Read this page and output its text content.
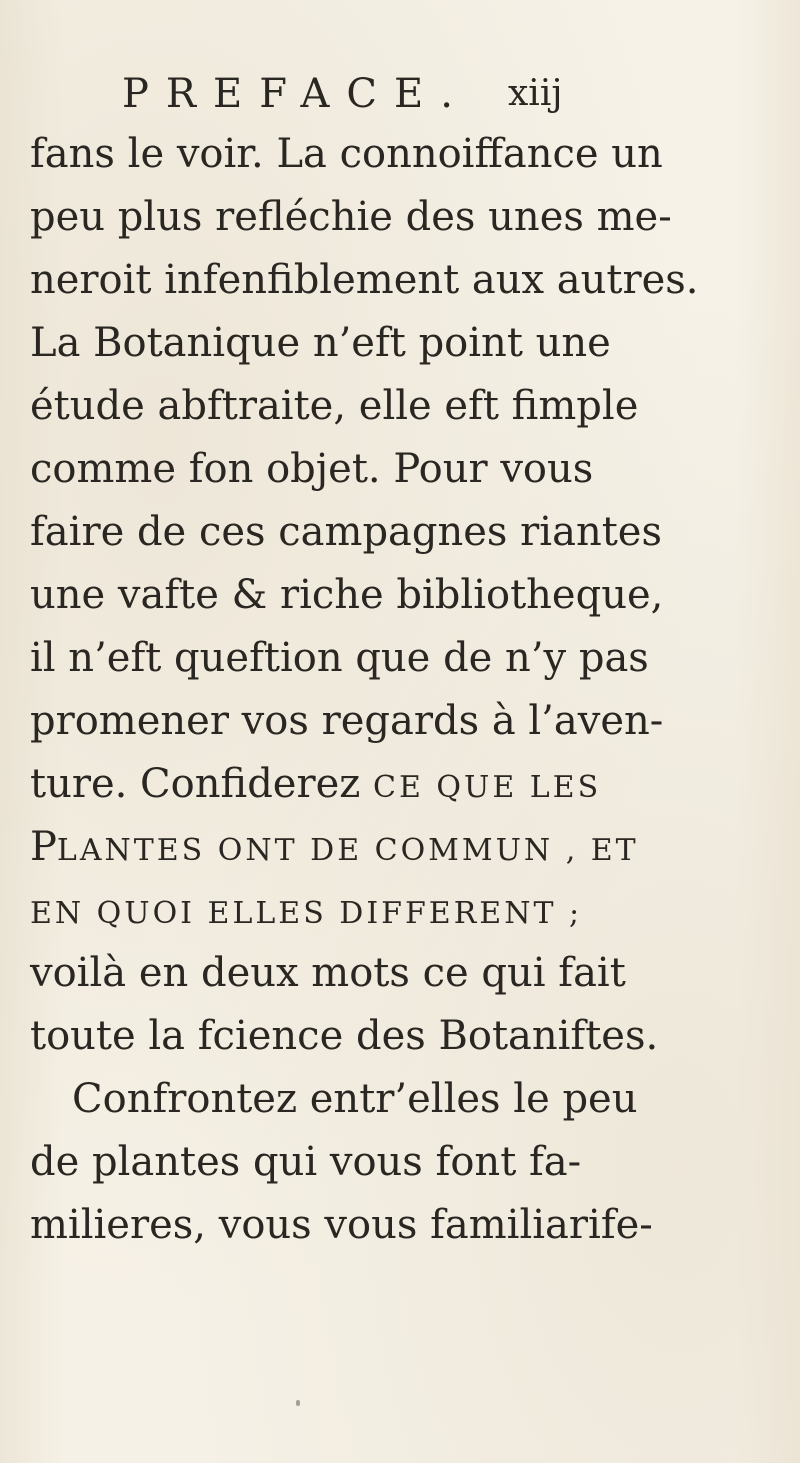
PREFACE. xiij
fans le voir. La connoiffance un
peu plus refléchie des unes me-
neroit infenfiblement aux autres.
La Botanique n’eft point une
étude abftraite, elle eft fimple
comme fon objet. Pour vous
faire de ces campagnes riantes
une vafte & riche bibliotheque,
il n’eft queftion que de n’y pas
promener vos regards à l’aven-
ture. Confiderez CE QUE LES
PLANTES ONT DE COMMUN , ET
EN QUOI ELLES DIFFERENT ;
voilà en deux mots ce qui fait
toute la fcience des Botaniftes.
Confrontez entr’elles le peu
de plantes qui vous font fa-
milieres, vous vous familiarife-
